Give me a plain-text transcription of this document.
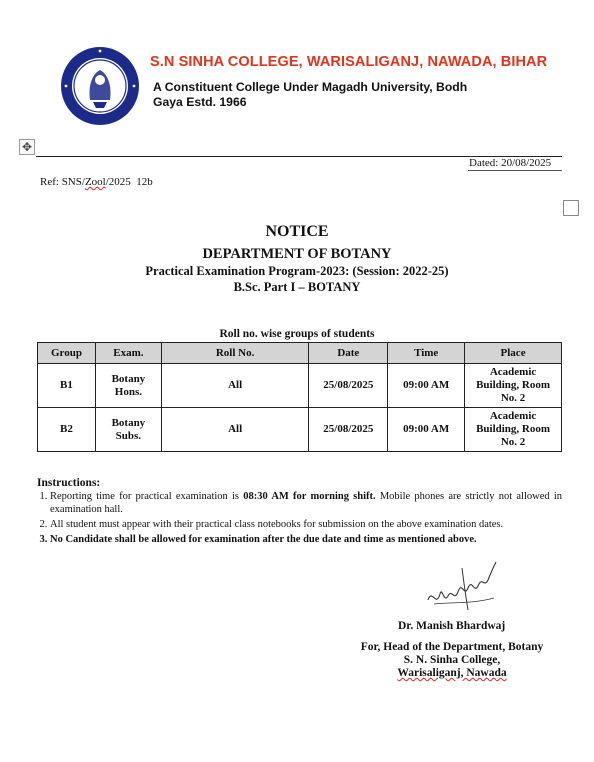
S.N SINHA COLLEGE, WARISALIGANJ, NAWADA, BIHAR
A Constituent College Under Magadh University, Bodh Gaya Estd. 1966
✥
Dated: 20/08/2025
Ref: SNS/Zool/2025  12b
NOTICE
DEPARTMENT OF BOTANY
Practical Examination Program-2023: (Session: 2022-25)
B.Sc. Part I – BOTANY
Roll no. wise groups of students
Group	Exam.	Roll No.	Date	Time	Place
B1	Botany Hons.	All	25/08/2025	09:00 AM	Academic Building, Room No. 2
B2	Botany Subs.	All	25/08/2025	09:00 AM	Academic Building, Room No. 2
Instructions:
1. Reporting time for practical examination is 08:30 AM for morning shift. Mobile phones are strictly not allowed in examination hall.
2. All student must appear with their practical class notebooks for submission on the above examination dates.
3. No Candidate shall be allowed for examination after the due date and time as mentioned above.
Dr. Manish Bhardwaj
For, Head of the Department, Botany
S. N. Sinha College,
Warisaliganj, Nawada
